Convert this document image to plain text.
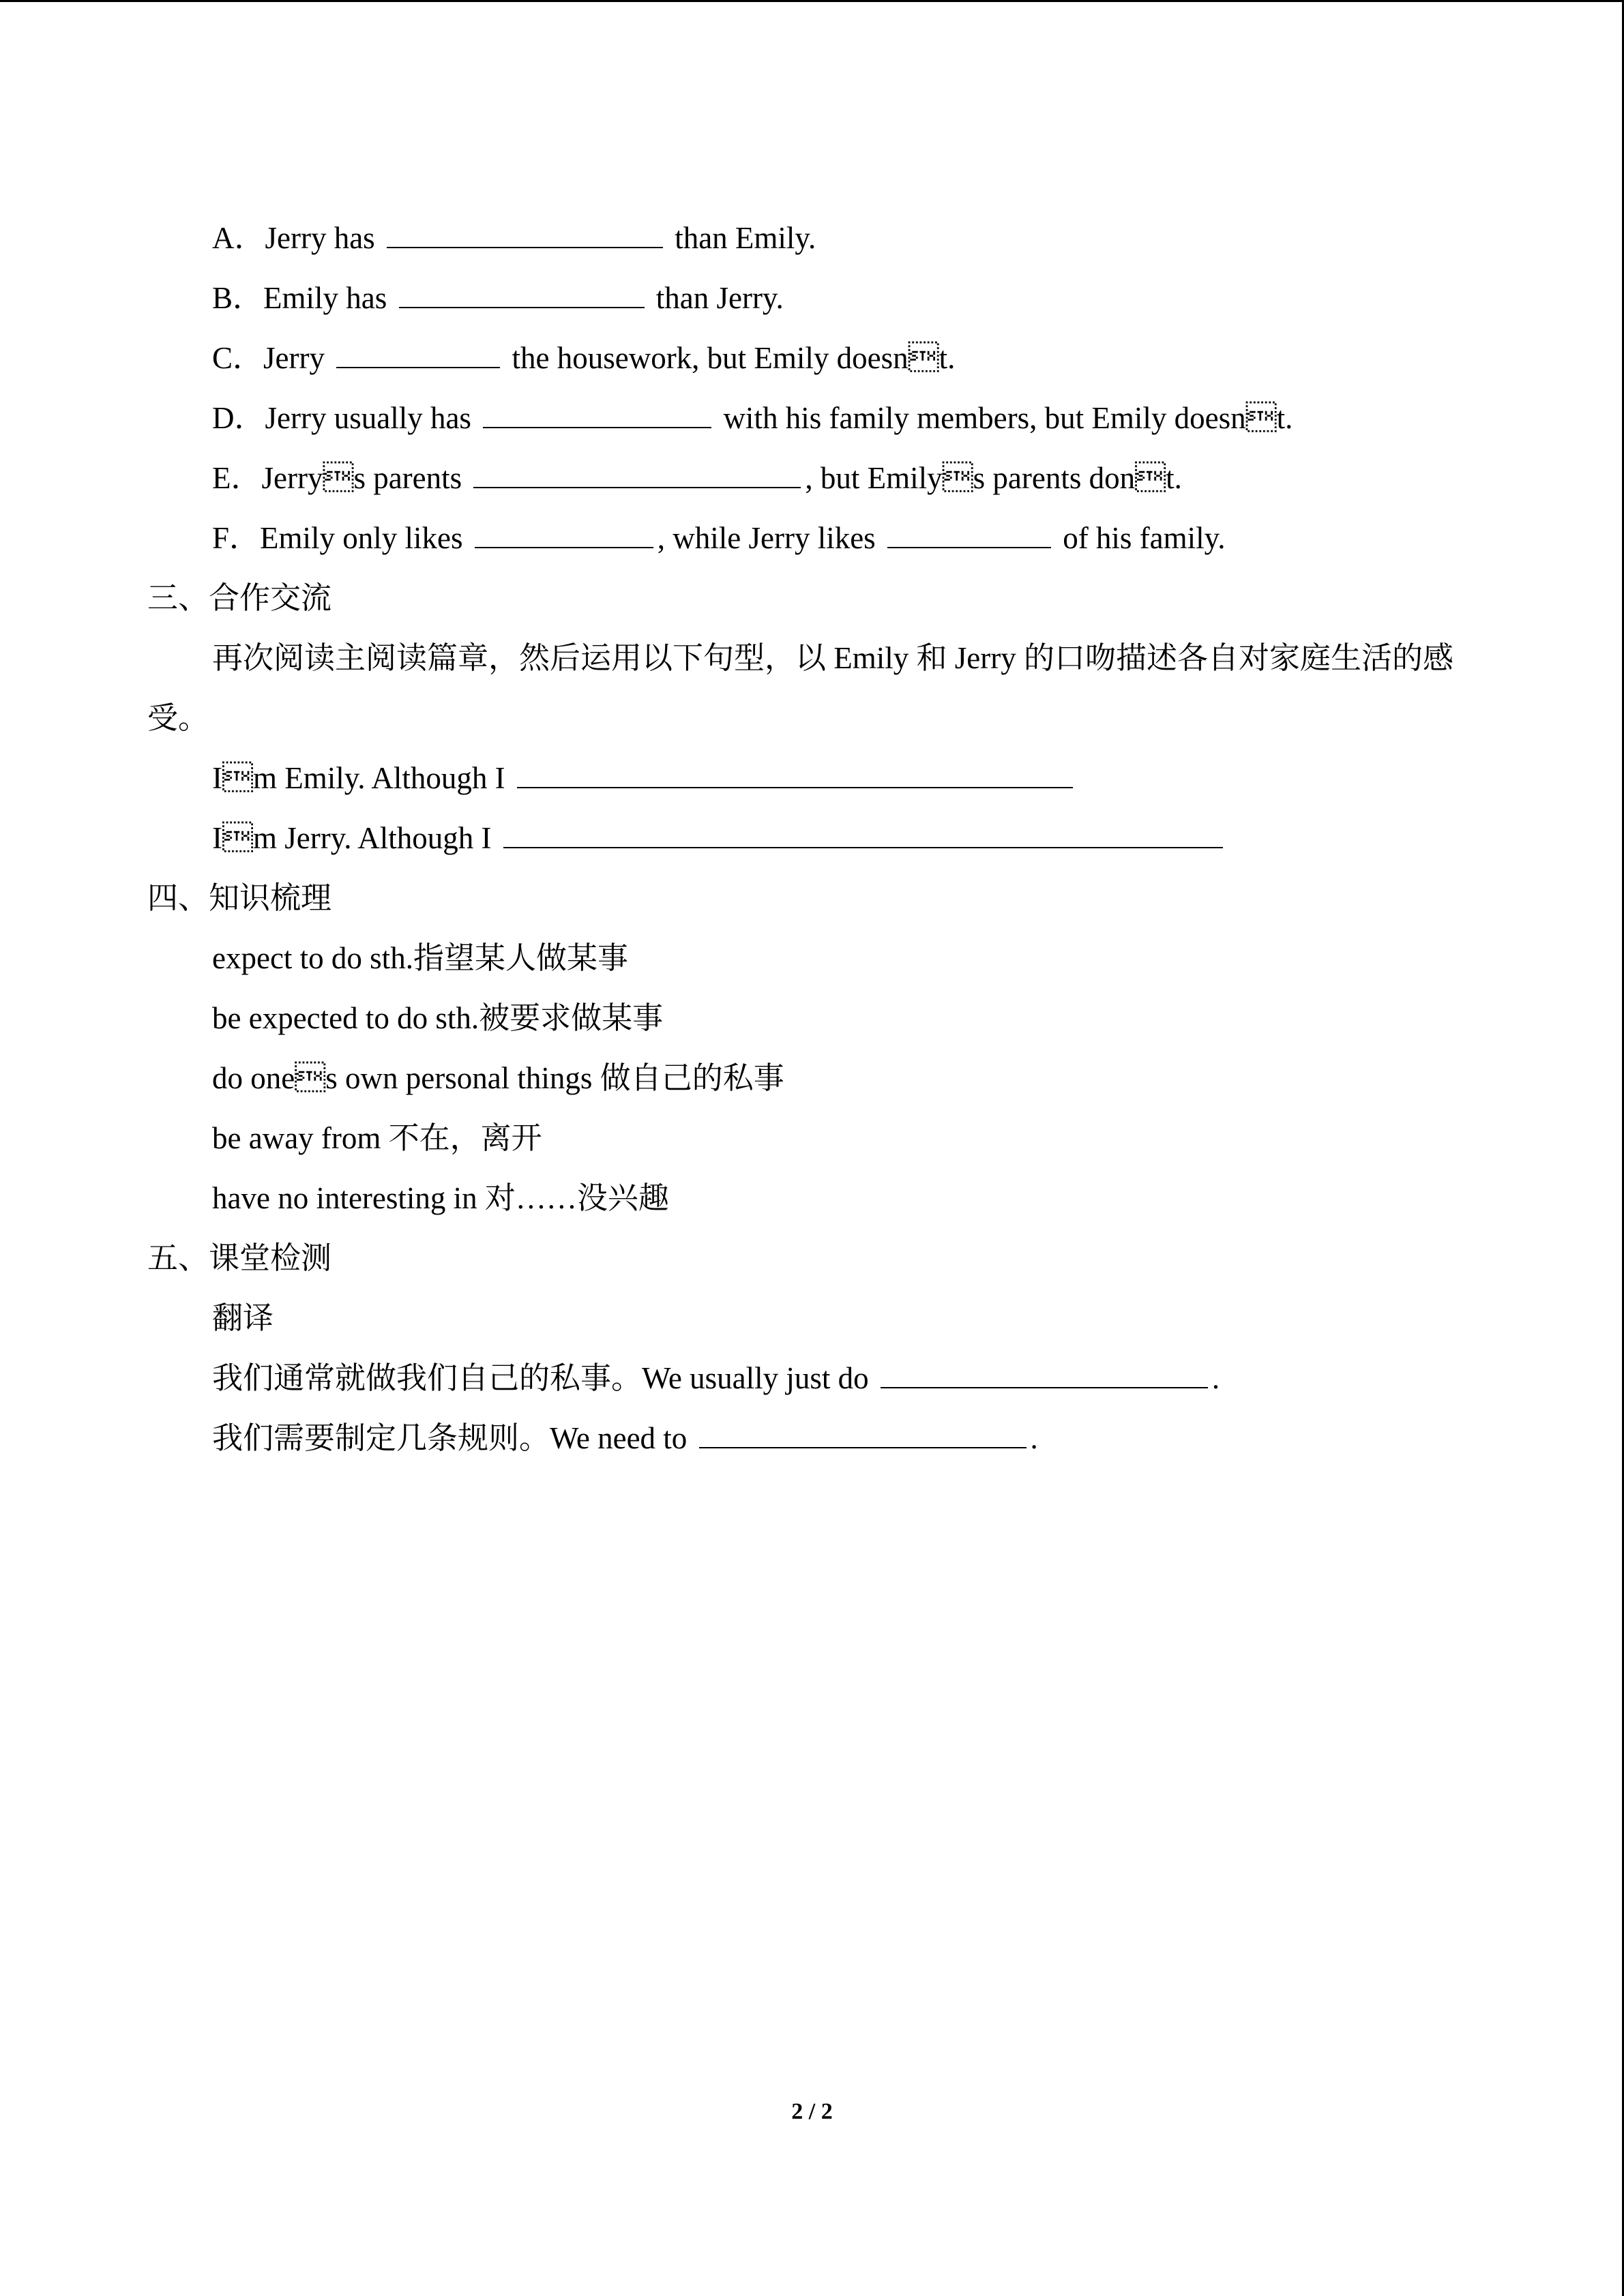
A．Jerry has	than Emily.
B．Emily has	than Jerry.
C．Jerry	the housework, but Emily doesnt.
D．Jerry usually has	with his family members, but Emily doesnt.
E．Jerrys parents	, but Emilys parents dont.
F．Emily only likes	, while Jerry likes	of his family.
三、合作交流
再次阅读主阅读篇章，然后运用以下句型，以 Emily 和 Jerry 的口吻描述各自对家庭生活的感受。
Im Emily. Although I
Im Jerry. Although I
四、知识梳理
expect to do sth.指望某人做某事
be expected to do sth.被要求做某事
do ones own personal things 做自己的私事
be away from 不在，离开
have no interesting in 对……没兴趣
五、课堂检测
翻译
我们通常就做我们自己的私事。We usually just do	.
我们需要制定几条规则。We need to	.
2 / 2
